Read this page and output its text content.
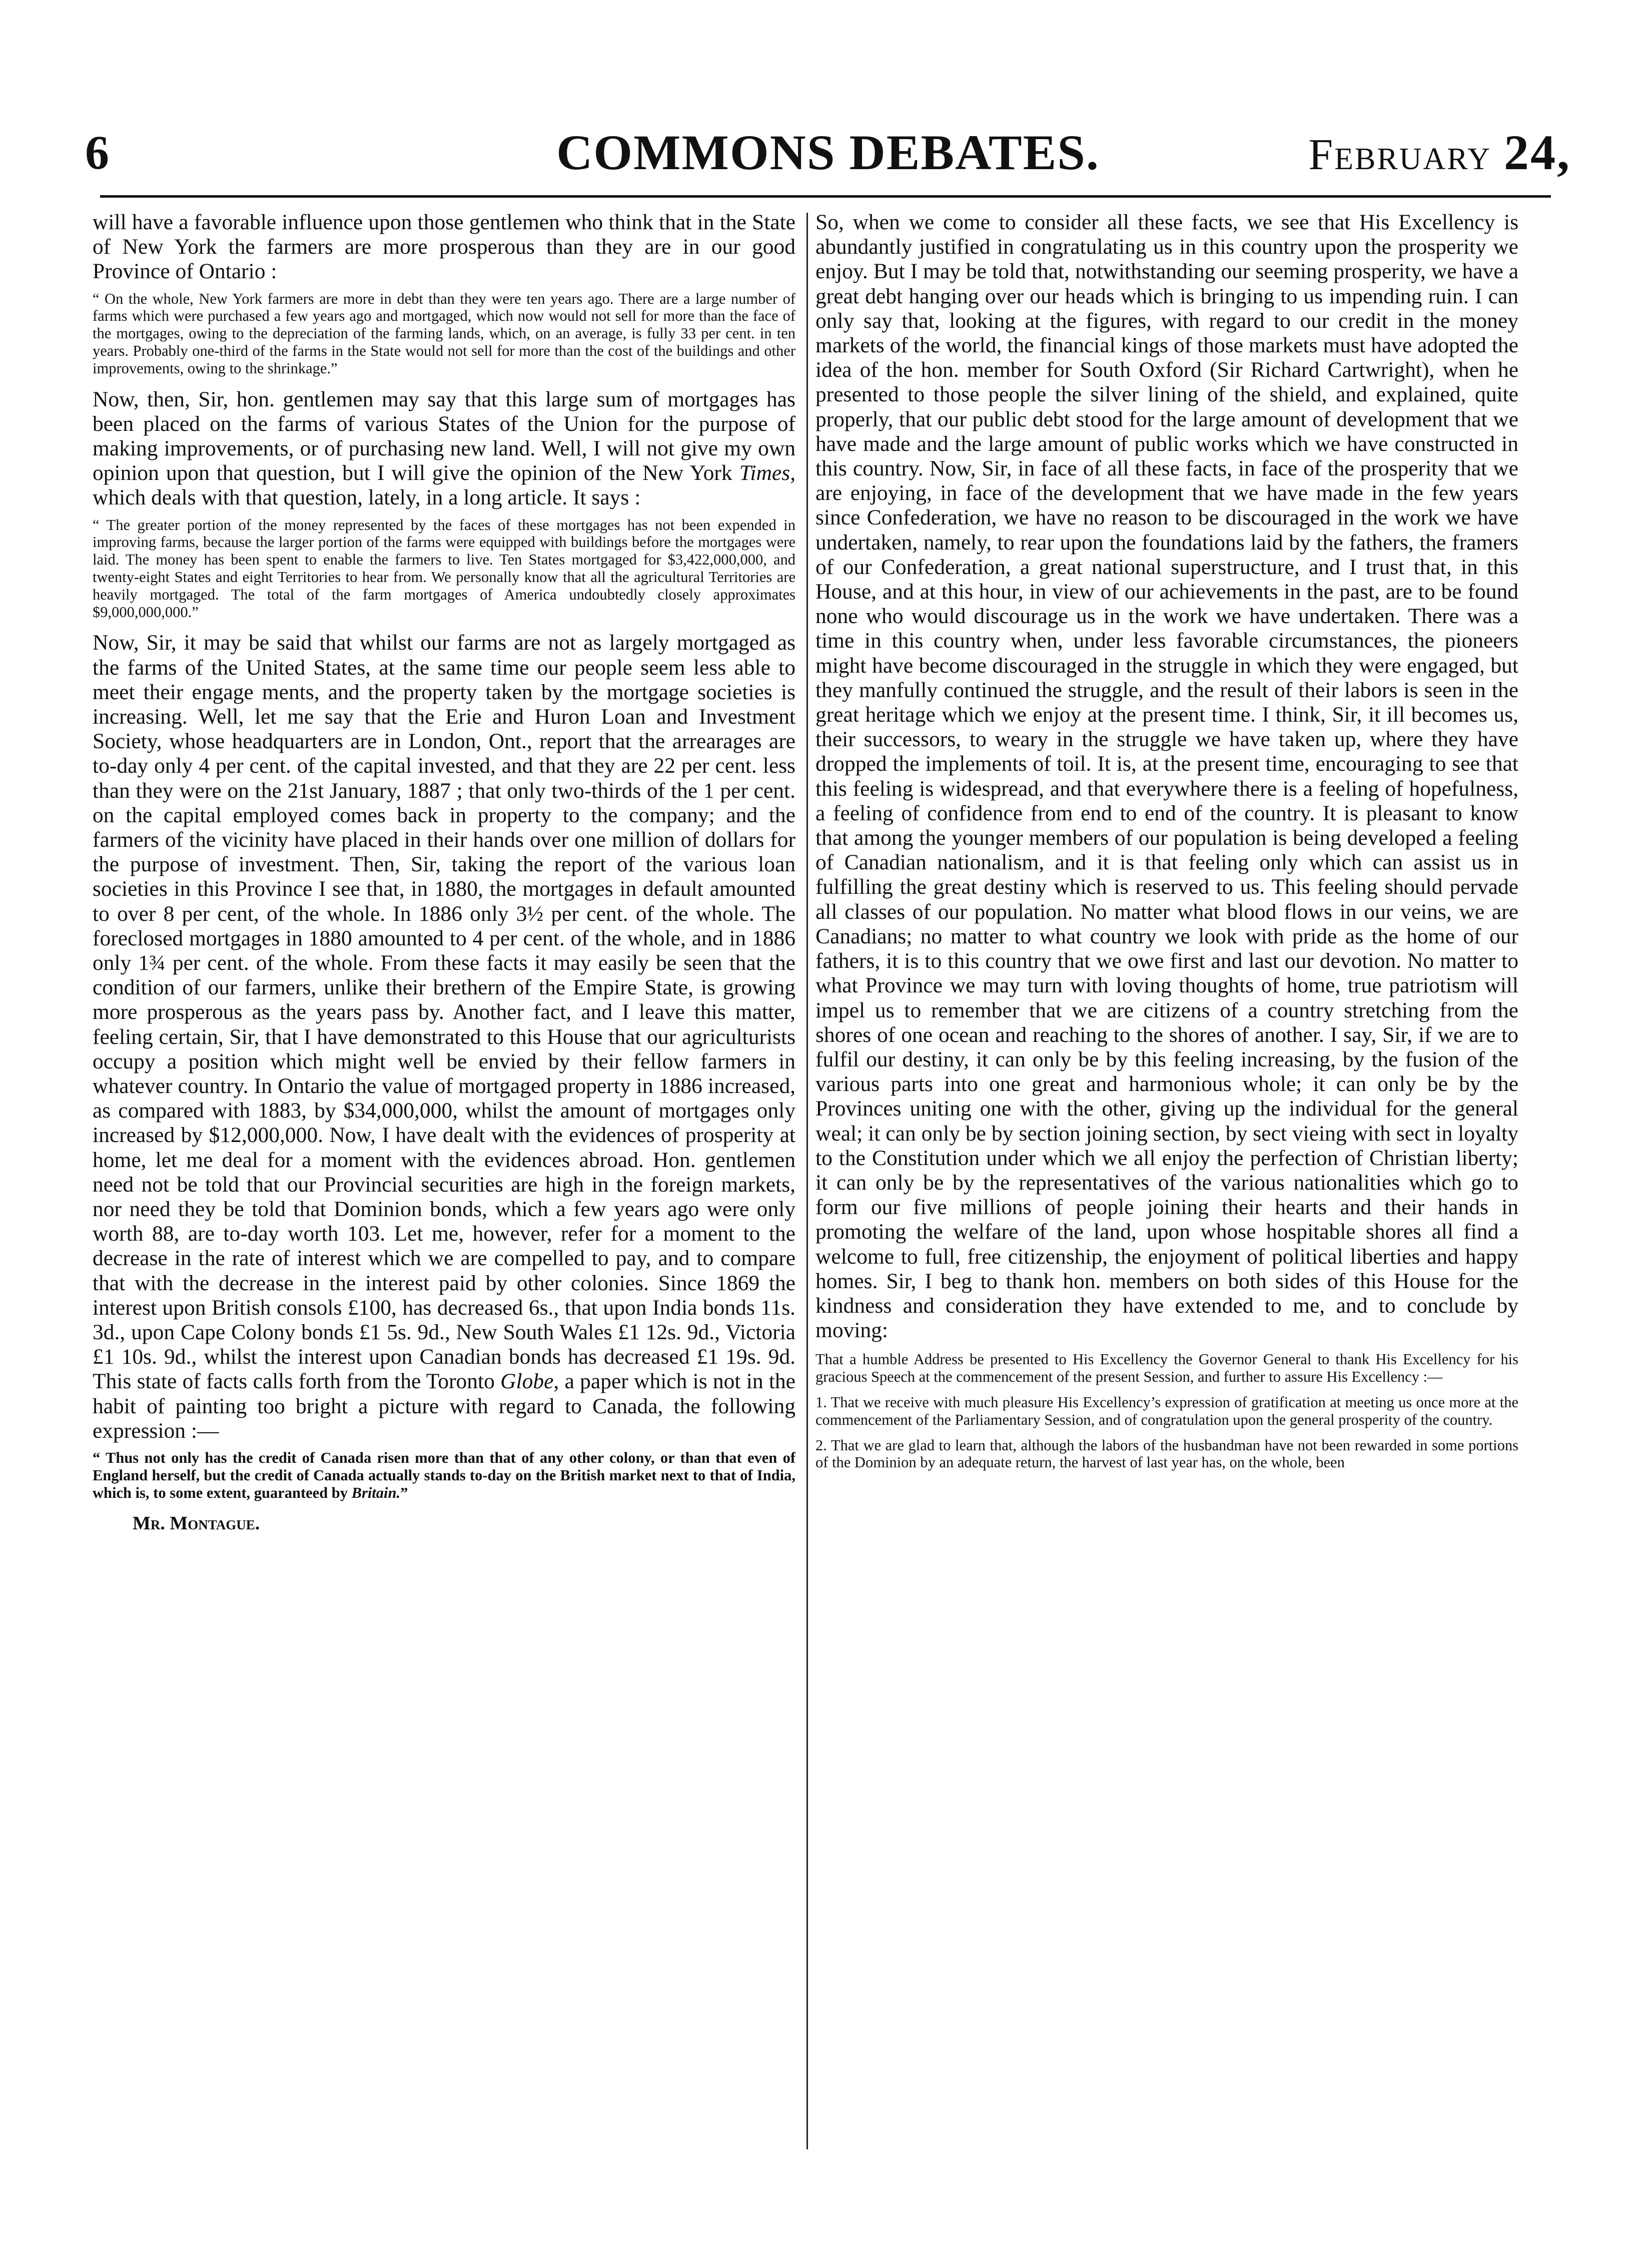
6	COMMONS DEBATES.	February 24,

will have a favorable influence upon those gentlemen who think that in the State of New York the farmers are more prosperous than they are in our good Province of Ontario :

“ On the whole, New York farmers are more in debt than they were ten years ago. There are a large number of farms which were purchased a few years ago and mortgaged, which now would not sell for more than the face of the mortgages, owing to the depreciation of the farming lands, which, on an average, is fully 33 per cent. in ten years. Probably one-third of the farms in the State would not sell for more than the cost of the buildings and other improvements, owing to the shrinkage.”

Now, then, Sir, hon. gentlemen may say that this large sum of mortgages has been placed on the farms of various States of the Union for the purpose of making improvements, or of purchasing new land. Well, I will not give my own opinion upon that question, but I will give the opinion of the New York Times, which deals with that question, lately, in a long article. It says :

“ The greater portion of the money represented by the faces of these mortgages has not been expended in improving farms, because the larger portion of the farms were equipped with buildings before the mortgages were laid. The money has been spent to enable the farmers to live. Ten States mortgaged for $3,422,000,000, and twenty-eight States and eight Territories to hear from. We personally know that all the agricultural Territories are heavily mortgaged. The total of the farm mortgages of America undoubtedly closely approximates $9,000,000,000.”

Now, Sir, it may be said that whilst our farms are not as largely mortgaged as the farms of the United States, at the same time our people seem less able to meet their engage ments, and the property taken by the mortgage societies is increasing. Well, let me say that the Erie and Huron Loan and Investment Society, whose headquarters are in London, Ont., report that the arrearages are to-day only 4 per cent. of the capital invested, and that they are 22 per cent. less than they were on the 21st January, 1887 ; that only two-thirds of the 1 per cent. on the capital employed comes back in property to the company; and the farmers of the vicinity have placed in their hands over one million of dollars for the purpose of investment. Then, Sir, taking the report of the various loan societies in this Province I see that, in 1880, the mortgages in default amounted to over 8 per cent, of the whole. In 1886 only 3½ per cent. of the whole. The foreclosed mortgages in 1880 amounted to 4 per cent. of the whole, and in 1886 only 1¾ per cent. of the whole. From these facts it may easily be seen that the condition of our farmers, unlike their brethern of the Empire State, is growing more prosperous as the years pass by. Another fact, and I leave this matter, feeling certain, Sir, that I have demonstrated to this House that our agriculturists occupy a position which might well be envied by their fellow farmers in whatever country. In Ontario the value of mortgaged property in 1886 increased, as compared with 1883, by $34,000,000, whilst the amount of mortgages only increased by $12,000,000. Now, I have dealt with the evidences of prosperity at home, let me deal for a moment with the evidences abroad. Hon. gentlemen need not be told that our Provincial securities are high in the foreign markets, nor need they be told that Dominion bonds, which a few years ago were only worth 88, are to-day worth 103. Let me, however, refer for a moment to the decrease in the rate of interest which we are compelled to pay, and to compare that with the decrease in the interest paid by other colonies. Since 1869 the interest upon British consols £100, has decreased 6s., that upon India bonds 11s. 3d., upon Cape Colony bonds £1 5s. 9d., New South Wales £1 12s. 9d., Victoria £1 10s. 9d., whilst the interest upon Canadian bonds has decreased £1 19s. 9d. This state of facts calls forth from the Toronto Globe, a paper which is not in the habit of painting too bright a picture with regard to Canada, the following expression :—

“ Thus not only has the credit of Canada risen more than that of any other colony, or than that even of England herself, but the credit of Canada actually stands to-day on the British market next to that of India, which is, to some extent, guaranteed by Britain.”

Mr. Montague.

So, when we come to consider all these facts, we see that His Excellency is abundantly justified in congratulating us in this country upon the prosperity we enjoy. But I may be told that, notwithstanding our seeming prosperity, we have a great debt hanging over our heads which is bringing to us impending ruin. I can only say that, looking at the figures, with regard to our credit in the money markets of the world, the financial kings of those markets must have adopted the idea of the hon. member for South Oxford (Sir Richard Cartwright), when he presented to those people the silver lining of the shield, and explained, quite properly, that our public debt stood for the large amount of development that we have made and the large amount of public works which we have constructed in this country. Now, Sir, in face of all these facts, in face of the prosperity that we are enjoying, in face of the development that we have made in the few years since Confederation, we have no reason to be discouraged in the work we have undertaken, namely, to rear upon the foundations laid by the fathers, the framers of our Confederation, a great national superstructure, and I trust that, in this House, and at this hour, in view of our achievements in the past, are to be found none who would discourage us in the work we have undertaken. There was a time in this country when, under less favorable circumstances, the pioneers might have become discouraged in the struggle in which they were engaged, but they manfully continued the struggle, and the result of their labors is seen in the great heritage which we enjoy at the present time. I think, Sir, it ill becomes us, their successors, to weary in the struggle we have taken up, where they have dropped the implements of toil. It is, at the present time, encouraging to see that this feeling is widespread, and that everywhere there is a feeling of hopefulness, a feeling of confidence from end to end of the country. It is pleasant to know that among the younger members of our population is being developed a feeling of Canadian nationalism, and it is that feeling only which can assist us in fulfilling the great destiny which is reserved to us. This feeling should pervade all classes of our population. No matter what blood flows in our veins, we are Canadians; no matter to what country we look with pride as the home of our fathers, it is to this country that we owe first and last our devotion. No matter to what Province we may turn with loving thoughts of home, true patriotism will impel us to remember that we are citizens of a country stretching from the shores of one ocean and reaching to the shores of another. I say, Sir, if we are to fulfil our destiny, it can only be by this feeling increasing, by the fusion of the various parts into one great and harmonious whole; it can only be by the Provinces uniting one with the other, giving up the individual for the general weal; it can only be by section joining section, by sect vieing with sect in loyalty to the Constitution under which we all enjoy the perfection of Christian liberty; it can only be by the representatives of the various nationalities which go to form our five millions of people joining their hearts and their hands in promoting the welfare of the land, upon whose hospitable shores all find a welcome to full, free citizenship, the enjoyment of political liberties and happy homes. Sir, I beg to thank hon. members on both sides of this House for the kindness and consideration they have extended to me, and to conclude by moving:

That a humble Address be presented to His Excellency the Governor General to thank His Excellency for his gracious Speech at the commencement of the present Session, and further to assure His Excellency :—

1. That we receive with much pleasure His Excellency’s expression of gratification at meeting us once more at the commencement of the Parliamentary Session, and of congratulation upon the general prosperity of the country.

2. That we are glad to learn that, although the labors of the husbandman have not been rewarded in some portions of the Dominion by an adequate return, the harvest of last year has, on the whole, been
